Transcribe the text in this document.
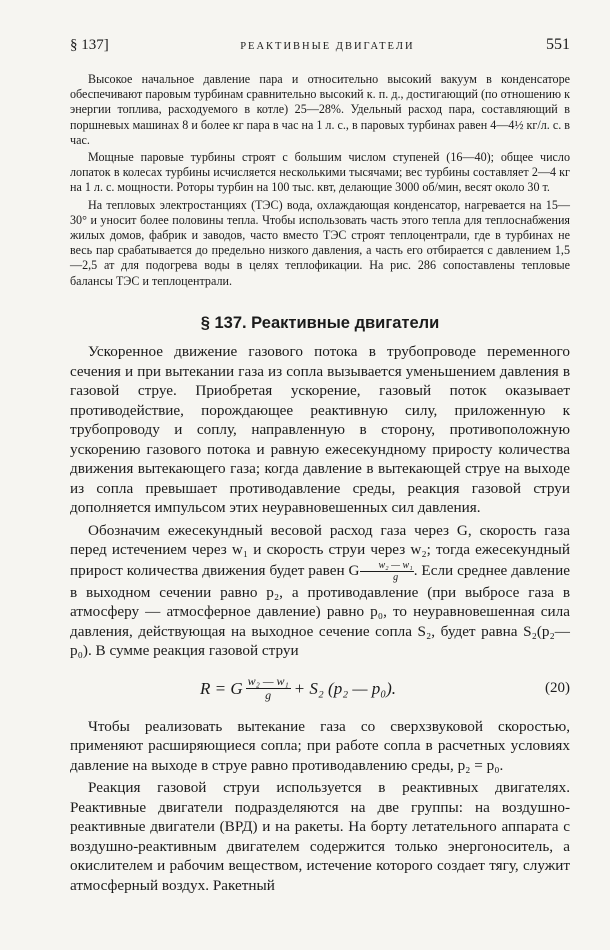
§ 137]	РЕАКТИВНЫЕ ДВИГАТЕЛИ	551

Высокое начальное давление пара и относительно высокий вакуум в конденсаторе обеспечивают паровым турбинам сравнительно высокий к. п. д., достигающий (по отношению к энергии топлива, расходуемого в котле) 25—28%. Удельный расход пара, составляющий в поршневых машинах 8 и более кг пара в час на 1 л. с., в паровых турбинах равен 4—4½ кг/л. с. в час.

Мощные паровые турбины строят с большим числом ступеней (16—40); общее число лопаток в колесах турбины исчисляется несколькими тысячами; вес турбины составляет 2—4 кг на 1 л. с. мощности. Роторы турбин на 100 тыс. квт, делающие 3000 об/мин, весят около 30 т.

На тепловых электростанциях (ТЭС) вода, охлаждающая конденсатор, нагревается на 15—30° и уносит более половины тепла. Чтобы использовать часть этого тепла для теплоснабжения жилых домов, фабрик и заводов, часто вместо ТЭС строят теплоцентрали, где в турбинах не весь пар срабатывается до предельно низкого давления, а часть его отбирается с давлением 1,5—2,5 ат для подогрева воды в целях теплофикации. На рис. 286 сопоставлены тепловые балансы ТЭС и теплоцентрали.

§ 137. Реактивные двигатели

Ускоренное движение газового потока в трубопроводе переменного сечения и при вытекании газа из сопла вызывается уменьшением давления в газовой струе. Приобретая ускорение, газовый поток оказывает противодействие, порождающее реактивную силу, приложенную к трубопроводу и соплу, направленную в сторону, противоположную ускорению газового потока и равную ежесекундному приросту количества движения вытекающего газа; когда давление в вытекающей струе на выходе из сопла превышает противодавление среды, реакция газовой струи дополняется импульсом этих неуравновешенных сил давления.

Обозначим ежесекундный весовой расход газа через G, скорость газа перед истечением через w₁ и скорость струи через w₂; тогда ежесекундный прирост количества движения будет равен G $\frac{\text{w₂ — w₁}}{g}$ . Если среднее давление в выходном сечении равно p₂, а противодавление (при выбросе газа в атмосферу — атмосферное давление) равно p₀, то неуравновешенная сила давления, действующая на выходное сечение сопла S₂, будет равна S₂(p₂—p₀). В сумме реакция газовой струи

R = G $\frac{\text{w₂ — w₁}}{g} + S_2$ (p₂ — p₀).	(20)

Чтобы реализовать вытекание газа со сверхзвуковой скоростью, применяют расширяющиеся сопла; при работе сопла в расчетных условиях давление на выходе в струе равно противодавлению среды, p₂ = p₀.

Реакция газовой струи используется в реактивных двигателях. Реактивные двигатели подразделяются на две группы: на воздушно-реактивные двигатели (ВРД) и на ракеты. На борту летательного аппарата с воздушно-реактивным двигателем содержится только энергоноситель, а окислителем и рабочим веществом, истечение которого создает тягу, служит атмосферный воздух. Ракетный
